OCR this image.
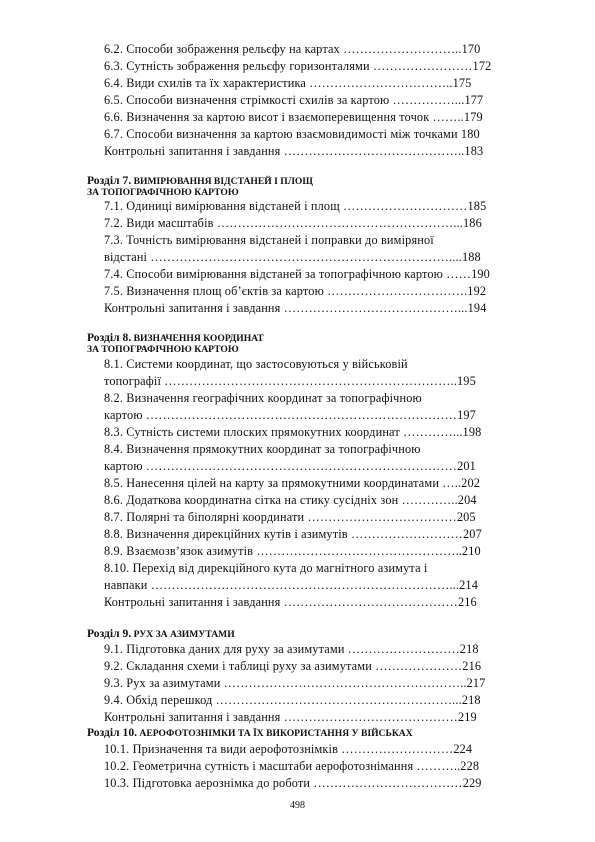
6.2. Способи зображення рельєфу на картах ………………………..170
6.3. Сутність зображення рельєфу горизонталями ……………………172
6.4. Види схилів та їх характеристика ……………………………..175
6.5. Способи визначення стрімкості схилів за картою ……………...177
6.6. Визначення за картою висот і взаємоперевищення точок ……..179
6.7. Способи визначення за картою взаємовидимості між точками 180
Контрольні запитання і завдання ……………………………………..183
Розділ 7. ВИМІРЮВАННЯ ВІДСТАНЕЙ І ПЛОЩ
ЗА ТОПОГРАФІЧНОЮ КАРТОЮ
7.1. Одиниці вимірювання відстаней і площ …………………………185
7.2. Види масштабів …………………………………………………...186
7.3. Точність вимірювання відстаней і поправки до виміряної
відстані ………………………………………………………………....188
7.4. Способи вимірювання відстаней за топографічною картою ……190
7.5. Визначення площ об’єктів за картою …………………………….192
Контрольні запитання і завдання ……………………………………...194
Розділ 8. ВИЗНАЧЕННЯ КООРДИНАТ
ЗА ТОПОГРАФІЧНОЮ КАРТОЮ
8.1. Системи координат, що застосовуються у військовій
топографії ……………………………………………………………..195
8.2. Визначення географічних координат за топографічною
картою …………………………………………………………………197
8.3. Сутність системи плоских прямокутних координат …………...198
8.4. Визначення прямокутних координат за топографічною
картою …………………………………………………………………201
8.5. Нанесення цілей на карту за прямокутними координатами …..202
8.6. Додаткова координатна сітка на стику сусідніх зон …………..204
8.7. Полярні та біполярні координати ………………………………205
8.8. Визначення дирекційних кутів і азимутів ………………………207
8.9. Взаємозв’язок азимутів …………………………………………..210
8.10. Перехід від дирекційного кута до магнітного азимута і
навпаки ………………………………………………………………...214
Контрольні запитання і завдання ……………………………………216
Розділ 9. РУХ ЗА АЗИМУТАМИ
9.1. Підготовка даних для руху за азимутами ………………………218
9.2. Складання схеми і таблиці руху за азимутами …………………216
9.3. Рух за азимутами …………………………………………………..217
9.4. Обхід перешкод …………………………………………………...218
Контрольні запитання і завдання ……………………………………219
Розділ 10. АЕРОФОТОЗНІМКИ ТА ЇХ ВИКОРИСТАННЯ У ВІЙСЬКАХ
10.1. Призначення та види аерофотознімків ………………………224
10.2. Геометрична сутність і масштаби аерофотознімання ………..228
10.3. Підготовка аерознімка до роботи ………………………………229
498
